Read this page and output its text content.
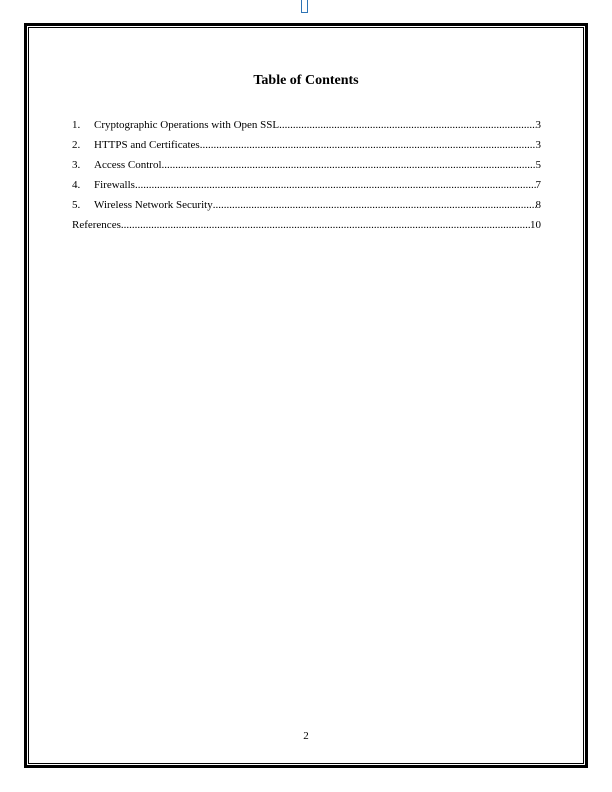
Table of Contents
1.	Cryptographic Operations with Open SSL .....	3
2.	HTTPS and Certificates .....	3
3.	Access Control .....	5
4.	Firewalls .....	7
5.	Wireless Network Security .....	8
References .....	10
2
